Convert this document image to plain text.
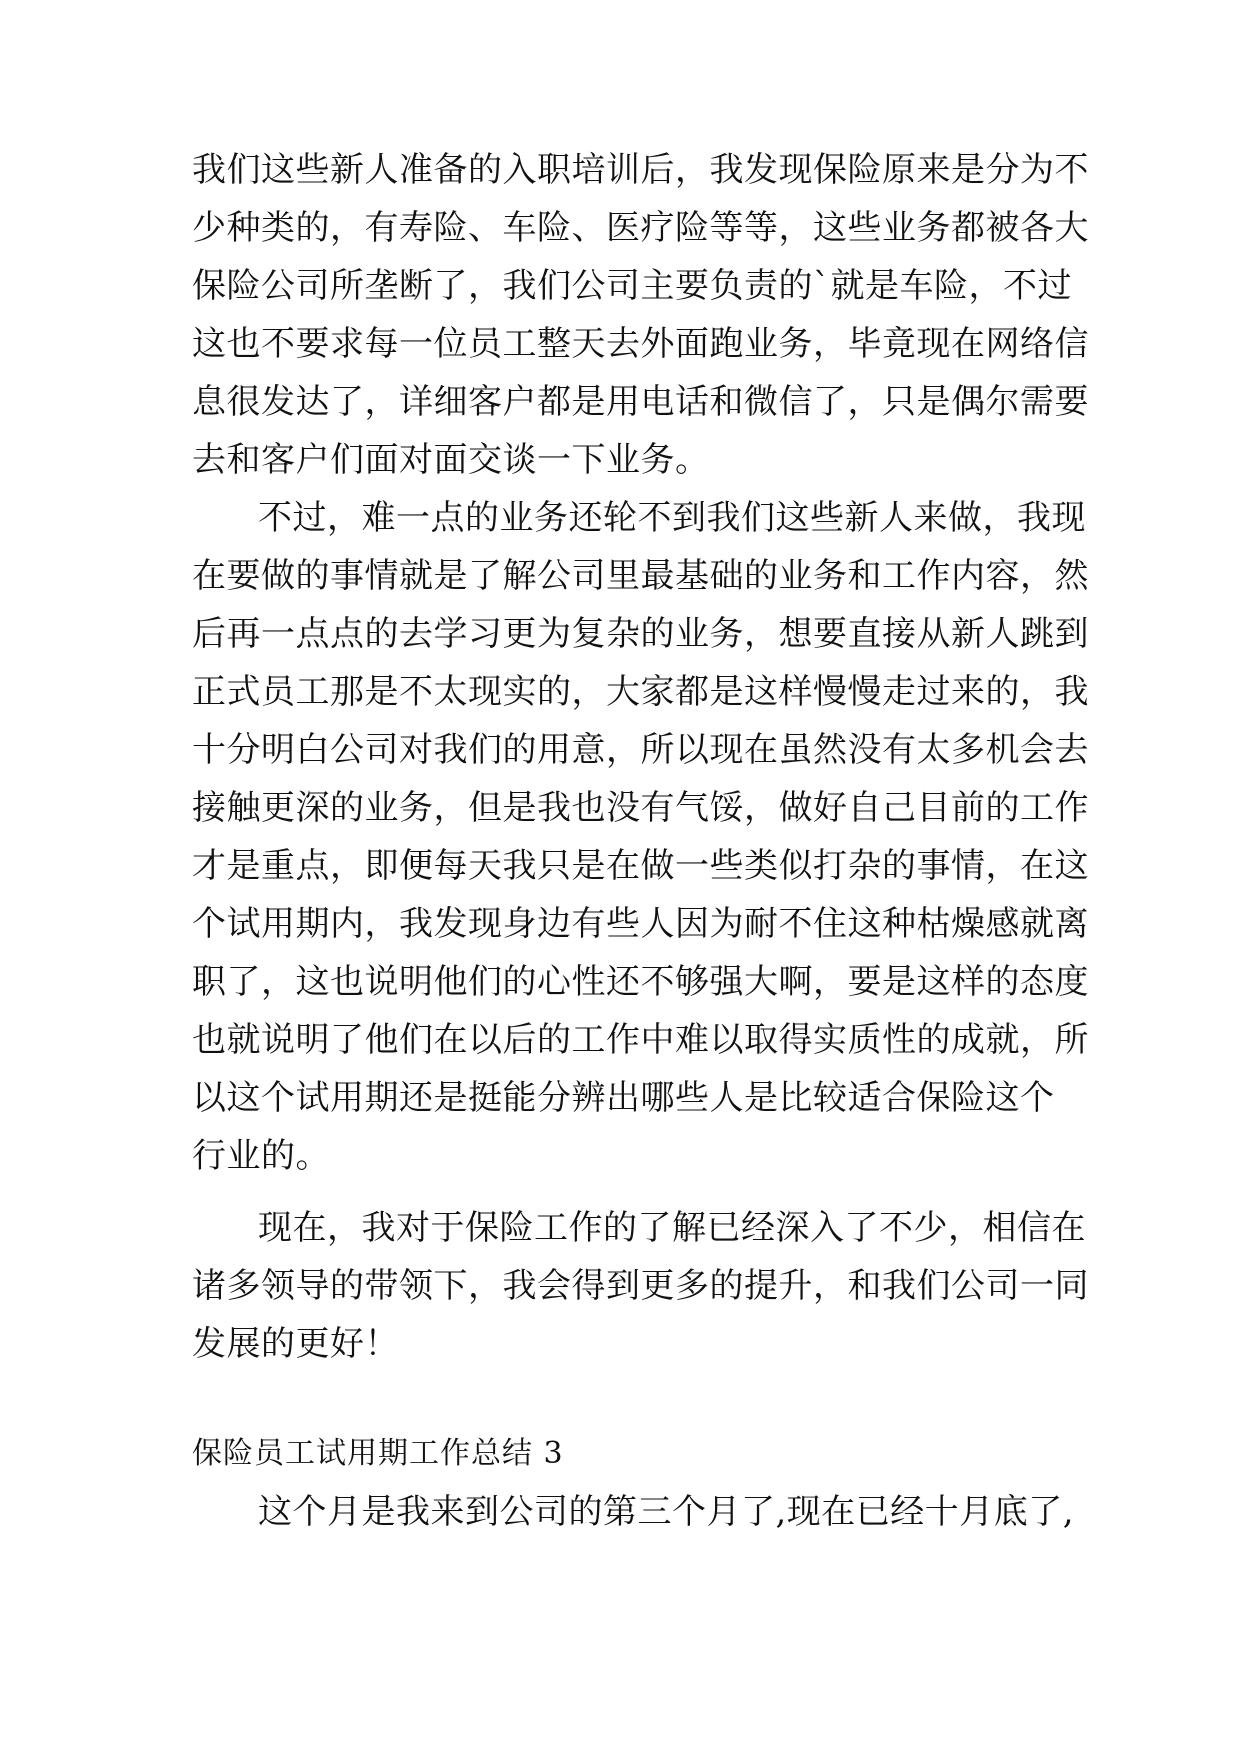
我们这些新人准备的入职培训后，我发现保险原来是分为不
少种类的，有寿险、车险、医疗险等等，这些业务都被各大
保险公司所垄断了，我们公司主要负责的`就是车险，不过
这也不要求每一位员工整天去外面跑业务，毕竟现在网络信
息很发达了，详细客户都是用电话和微信了，只是偶尔需要
去和客户们面对面交谈一下业务。
不过，难一点的业务还轮不到我们这些新人来做，我现
在要做的事情就是了解公司里最基础的业务和工作内容，然
后再一点点的去学习更为复杂的业务，想要直接从新人跳到
正式员工那是不太现实的，大家都是这样慢慢走过来的，我
十分明白公司对我们的用意，所以现在虽然没有太多机会去
接触更深的业务，但是我也没有气馁，做好自己目前的工作
才是重点，即便每天我只是在做一些类似打杂的事情，在这
个试用期内，我发现身边有些人因为耐不住这种枯燥感就离
职了，这也说明他们的心性还不够强大啊，要是这样的态度
也就说明了他们在以后的工作中难以取得实质性的成就，所
以这个试用期还是挺能分辨出哪些人是比较适合保险这个
行业的。
现在，我对于保险工作的了解已经深入了不少，相信在
诸多领导的带领下，我会得到更多的提升，和我们公司一同
发展的更好！
保险员工试用期工作总结 3
这个月是我来到公司的第三个月了,现在已经十月底了,
